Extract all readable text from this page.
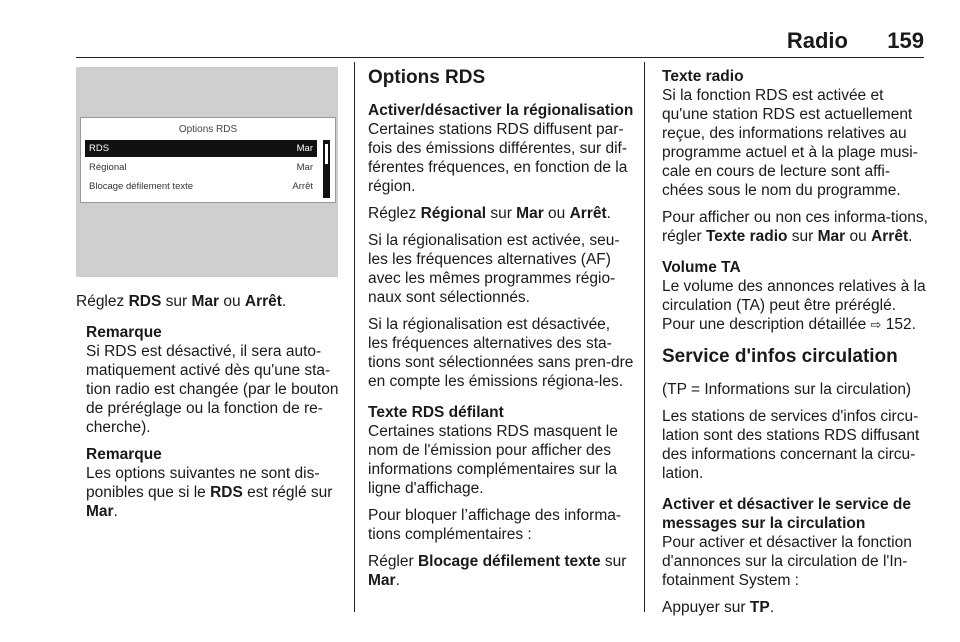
Radio 159
Options RDS
RDS	Mar
Régional	Mar
Blocage défilement texte	Arrêt

Réglez RDS sur Mar ou Arrêt.

Remarque
Si RDS est désactivé, il sera auto-matiquement activé dès qu'une sta-tion radio est changée (par le bouton de préréglage ou la fonction de re-cherche).

Remarque
Les options suivantes ne sont dis-ponibles que si le RDS est réglé sur Mar.

Options RDS

Activer/désactiver la régionalisation
Certaines stations RDS diffusent par-fois des émissions différentes, sur dif-férentes fréquences, en fonction de la région.

Réglez Régional sur Mar ou Arrêt.

Si la régionalisation est activée, seu-les les fréquences alternatives (AF) avec les mêmes programmes régio-naux sont sélectionnés.

Si la régionalisation est désactivée, les fréquences alternatives des sta-tions sont sélectionnées sans pren-dre en compte les émissions régiona-les.

Texte RDS défilant
Certaines stations RDS masquent le nom de l'émission pour afficher des informations complémentaires sur la ligne d'affichage.

Pour bloquer l’affichage des informa-tions complémentaires :

Régler Blocage défilement texte sur Mar.

Texte radio
Si la fonction RDS est activée et qu'une station RDS est actuellement reçue, des informations relatives au programme actuel et à la plage musi-cale en cours de lecture sont affi-chées sous le nom du programme.

Pour afficher ou non ces informa-tions, régler Texte radio sur Mar ou Arrêt.

Volume TA
Le volume des annonces relatives à la circulation (TA) peut être préréglé. Pour une description détaillée ⇨ 152.

Service d'infos circulation

(TP = Informations sur la circulation)

Les stations de services d'infos circu-lation sont des stations RDS diffusant des informations concernant la circu-lation.

Activer et désactiver le service de messages sur la circulation
Pour activer et désactiver la fonction d'annonces sur la circulation de l'In-fotainment System :

Appuyer sur TP.
